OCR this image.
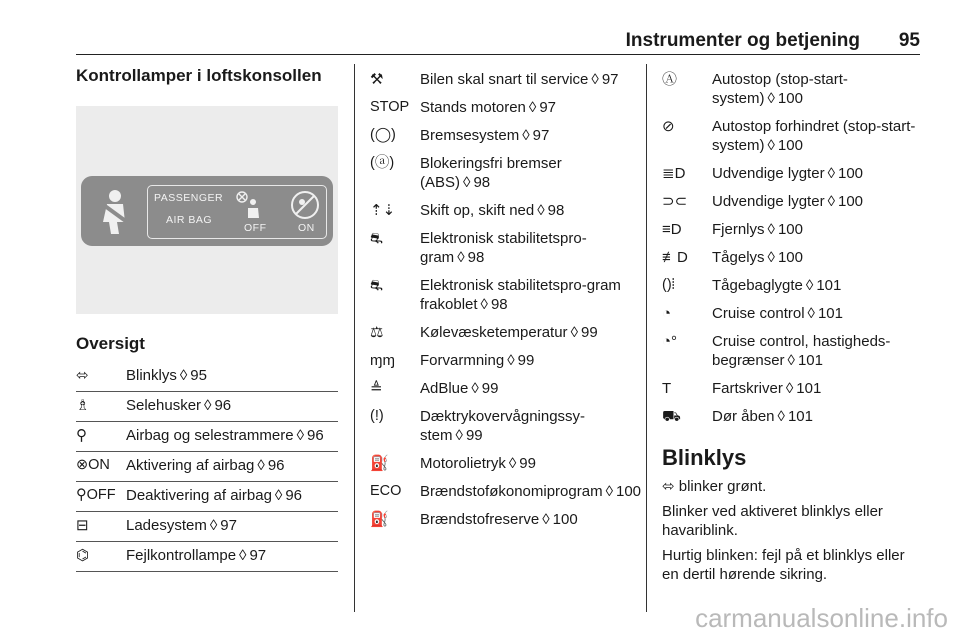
Instrumenter og betjening 95
Kontrollamper i loftskonsollen
PASSENGER
AIR BAG
OFF	ON
Oversigt
⬄	Blinklys ◊ 95
♗	Selehusker ◊ 96
⚲	Airbag og selestrammere ◊ 96
⊗ON	Aktivering af airbag ◊ 96
⚲OFF Deaktivering af airbag ◊ 96
⊟	Ladesystem ◊ 97
⌬	Fejlkontrollampe ◊ 97
⚒	Bilen skal snart til service ◊ 97
STOP Stands motoren ◊ 97
(◯)	Bremsesystem ◊ 97
(ⓐ)	Blokeringsfri bremser (ABS) ◊ 98
⇡⇣	Skift op, skift ned ◊ 98
⛐	Elektronisk stabilitetspro-gram ◊ 98
⛐	Elektronisk stabilitetspro-gram frakoblet ◊ 98
⚖	Kølevæsketemperatur ◊ 99
ɱɱ	Forvarmning ◊ 99
≜	AdBlue ◊ 99
(!)	Dæktrykovervågningssy-stem ◊ 99
⛽	Motorolietryk ◊ 99
ECO	Brændstoføkonomiprogram ◊ 100
⛽	Brændstofreserve ◊ 100
Ⓐ	Autostop (stop-start-system) ◊ 100
⊘	Autostop forhindret (stop-start-system) ◊ 100
≣D	Udvendige lygter ◊ 100
⊃⊂	Udvendige lygter ◊ 100
≡D	Fjernlys ◊ 100
≢D	Tågelys ◊ 100
()⦙	Tågebaglygte ◊ 101
◔	Cruise control ◊ 101
◔°	Cruise control, hastigheds-begrænser ◊ 101
T	Fartskriver ◊ 101
⛟	Dør åben ◊ 101
Blinklys
⬄ blinker grønt.
Blinker ved aktiveret blinklys eller havariblink.
Hurtig blinken: fejl på et blinklys eller en dertil hørende sikring.
carmanualsonline.info
